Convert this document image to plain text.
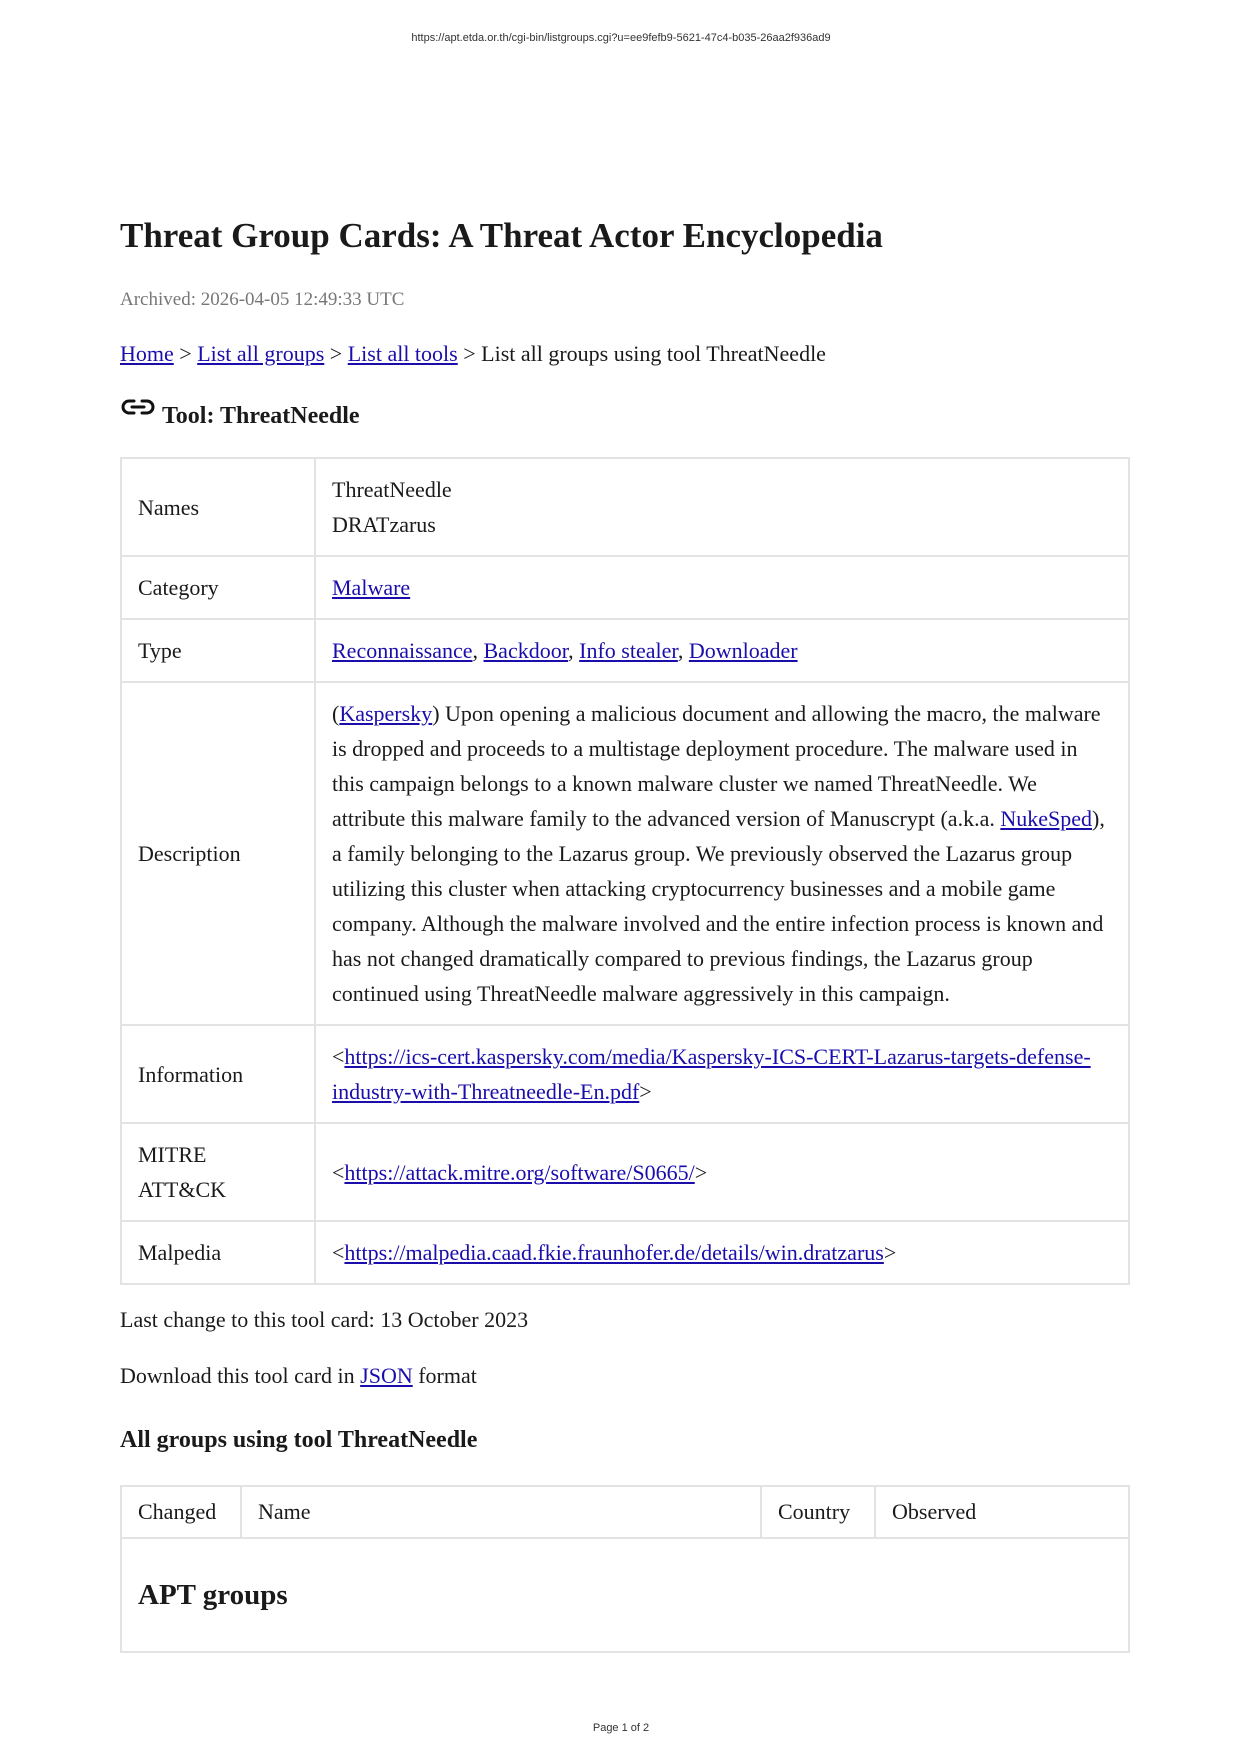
https://apt.etda.or.th/cgi-bin/listgroups.cgi?u=ee9fefb9-5621-47c4-b035-26aa2f936ad9
Threat Group Cards: A Threat Actor Encyclopedia
Archived: 2026-04-05 12:49:33 UTC
Home > List all groups > List all tools > List all groups using tool ThreatNeedle
Tool: ThreatNeedle
Names	ThreatNeedle
DRATzarus

Category	Malware
Type	Reconnaissance, Backdoor, Info stealer, Downloader
Description	(Kaspersky) Upon opening a malicious document and allowing the macro, the malware is dropped and proceeds to a multistage deployment procedure. The malware used in this campaign belongs to a known malware cluster we named ThreatNeedle. We attribute this malware family to the advanced version of Manuscrypt (a.k.a. NukeSped), a family belonging to the Lazarus group. We previously observed the Lazarus group utilizing this cluster when attacking cryptocurrency businesses and a mobile game company. Although the malware involved and the entire infection process is known and has not changed dramatically compared to previous findings, the Lazarus group continued using ThreatNeedle malware aggressively in this campaign.
Information	<https://ics-cert.kaspersky.com/media/Kaspersky-ICS-CERT-Lazarus-targets-defense-industry-with-Threatneedle-En.pdf>
MITRE ATT&CK	<https://attack.mitre.org/software/S0665/>
Malpedia	<https://malpedia.caad.fkie.fraunhofer.de/details/win.dratzarus>
Last change to this tool card: 13 October 2023
Download this tool card in JSON format
All groups using tool ThreatNeedle
Changed	Name	Country	Observed

APT groups
Page 1 of 2
